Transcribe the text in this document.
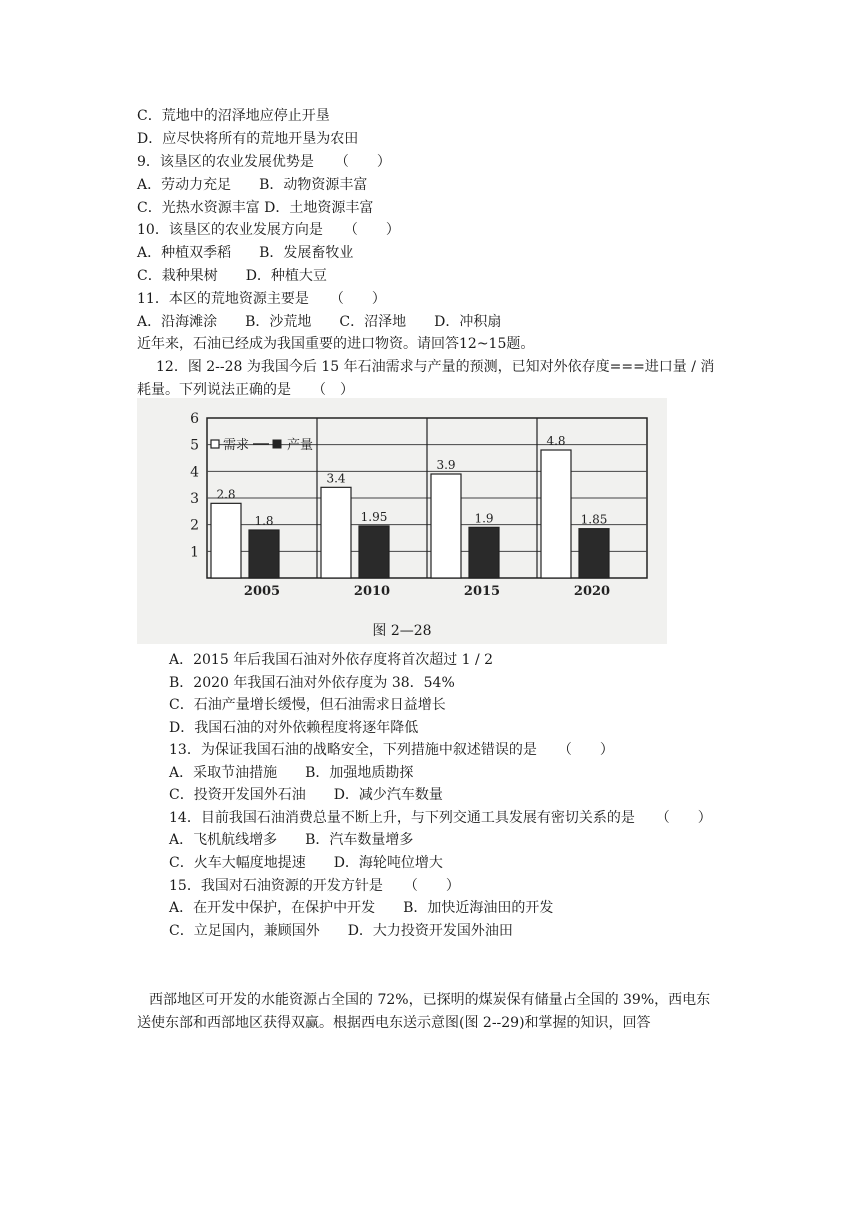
C．荒地中的沼泽地应停止开垦
D．应尽快将所有的荒地开垦为农田
9．该垦区的农业发展优势是　　（　　）
A．劳动力充足　　B．动物资源丰富
C．光热水资源丰富 D．土地资源丰富
10．该垦区的农业发展方向是　　（　　）
A．种植双季稻　　B．发展畜牧业
C．栽种果树　　D．种植大豆
11．本区的荒地资源主要是　　（　　）
A．沿海滩涂　　B．沙荒地　　C．沼泽地　　D．冲积扇
近年来，石油已经成为我国重要的进口物资。请回答12~15题。
12．图 2--28 为我国今后 15 年石油需求与产量的预测，已知对外依存度===进口量 / 消
耗量。下列说法正确的是　　（　）
1
2
3
4
5
6
2.8
1.8
2005
3.4
1.95
2010
3.9
1.9
2015
4.8
1.85
2020
需求	产量
图 2—28
A．2015 年后我国石油对外依存度将首次超过 1 / 2
B．2020 年我国石油对外依存度为 38．54%
C．石油产量增长缓慢，但石油需求日益增长
D．我国石油的对外依赖程度将逐年降低
13．为保证我国石油的战略安全，下列措施中叙述错误的是　　（　　）
A．采取节油措施　　B．加强地质勘探
C．投资开发国外石油　　D．减少汽车数量
14．目前我国石油消费总量不断上升，与下列交通工具发展有密切关系的是　　（　　）
A．飞机航线增多　　B．汽车数量增多
C．火车大幅度地提速　　D．海轮吨位增大
15．我国对石油资源的开发方针是　　（　　）
A．在开发中保护，在保护中开发　　B．加快近海油田的开发
C．立足国内，兼顾国外　　D．大力投资开发国外油田
西部地区可开发的水能资源占全国的 72%，已探明的煤炭保有储量占全国的 39%，西电东
送使东部和西部地区获得双赢。根据西电东送示意图(图 2--29)和掌握的知识，回答
